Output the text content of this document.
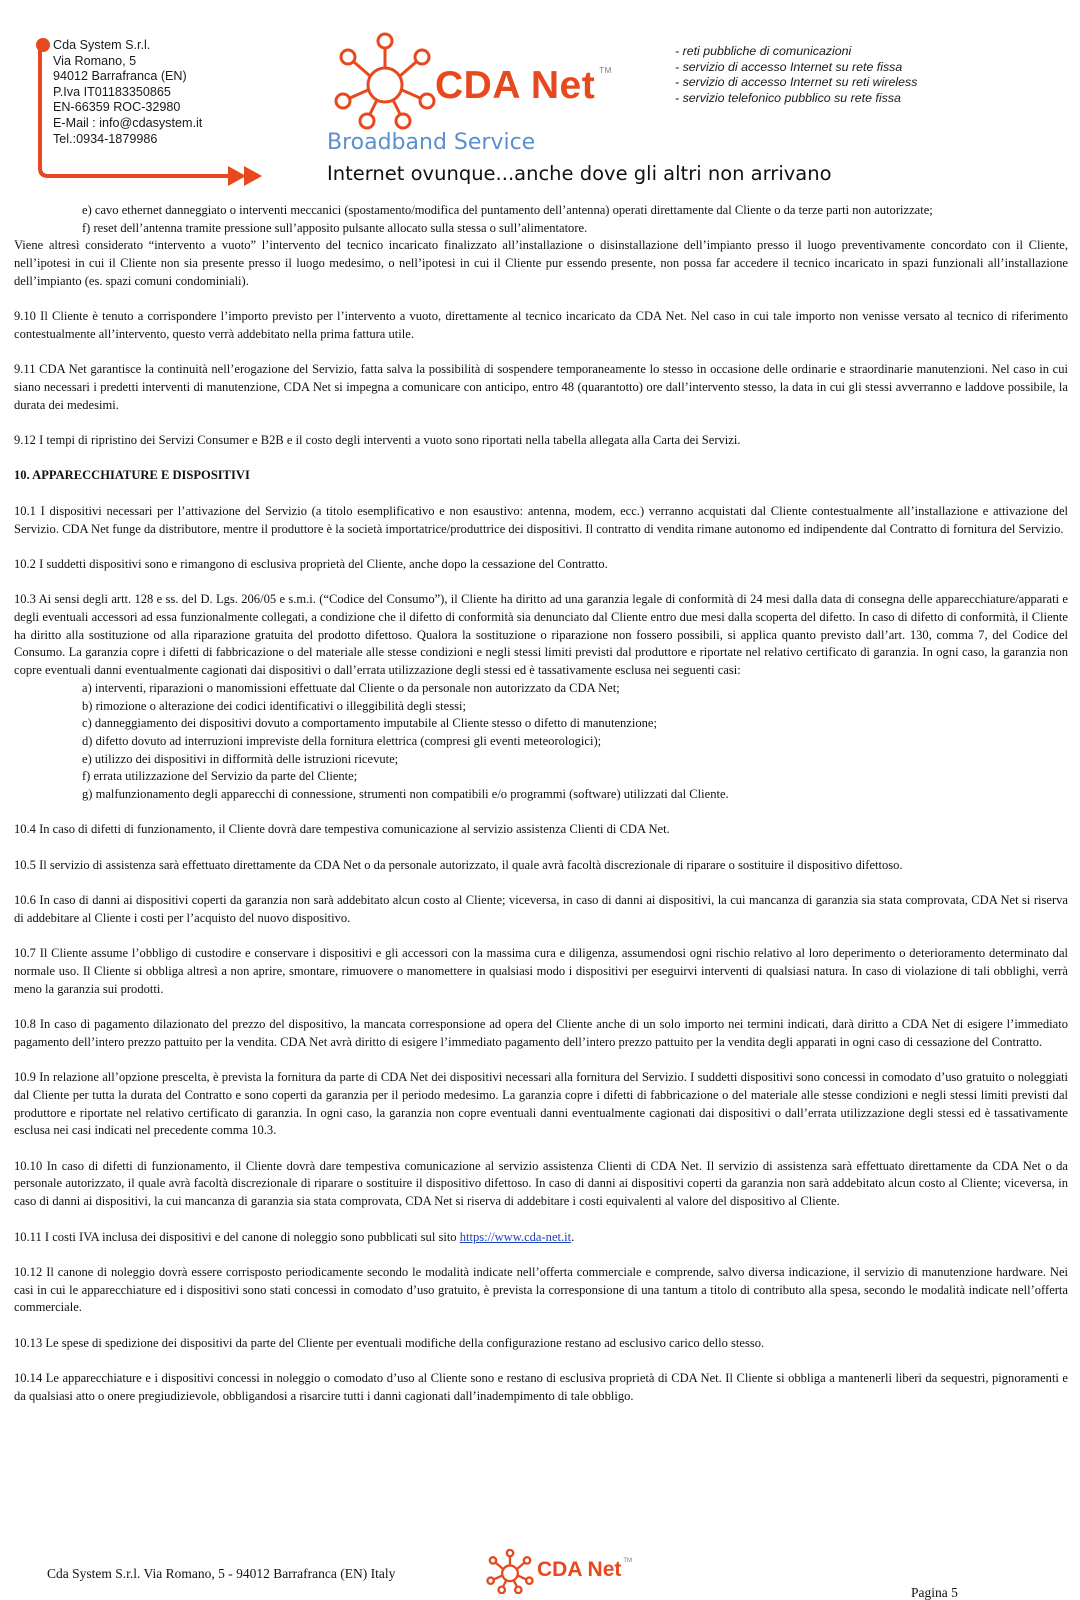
Cda System S.r.l.
Via Romano, 5
94012 Barrafranca (EN)
P.Iva IT01183350865
EN-66359 ROC-32980
E-Mail : info@cdasystem.it
Tel.:0934-1879986
CDA Net ™
Broadband Service
Internet ovunque...anche dove gli altri non arrivano
- reti pubbliche di comunicazioni
- servizio di accesso Internet su rete fissa
- servizio di accesso Internet su reti wireless
- servizio telefonico pubblico su rete fissa

e) cavo ethernet danneggiato o interventi meccanici (spostamento/modifica del puntamento dell’antenna) operati direttamente dal Cliente o da terze parti non autorizzate;

f) reset dell’antenna tramite pressione sull’apposito pulsante allocato sulla stessa o sull’alimentatore.

Viene altresì considerato “intervento a vuoto” l’intervento del tecnico incaricato finalizzato all’installazione o disinstallazione dell’impianto presso il luogo preventivamente concordato con il Cliente, nell’ipotesi in cui il Cliente non sia presente presso il luogo medesimo, o nell’ipotesi in cui il Cliente pur essendo presente, non possa far accedere il tecnico incaricato in spazi funzionali all’installazione dell’impianto (es. spazi comuni condominiali).

9.10 Il Cliente è tenuto a corrispondere l’importo previsto per l’intervento a vuoto, direttamente al tecnico incaricato da CDA Net. Nel caso in cui tale importo non venisse versato al tecnico di riferimento contestualmente all’intervento, questo verrà addebitato nella prima fattura utile.

9.11 CDA Net garantisce la continuità nell’erogazione del Servizio, fatta salva la possibilità di sospendere temporaneamente lo stesso in occasione delle ordinarie e straordinarie manutenzioni. Nel caso in cui siano necessari i predetti interventi di manutenzione, CDA Net si impegna a comunicare con anticipo, entro 48 (quarantotto) ore dall’intervento stesso, la data in cui gli stessi avverranno e laddove possibile, la durata dei medesimi.

9.12 I tempi di ripristino dei Servizi Consumer e B2B e il costo degli interventi a vuoto sono riportati nella tabella allegata alla Carta dei Servizi.

10. APPARECCHIATURE E DISPOSITIVI

10.1 I dispositivi necessari per l’attivazione del Servizio (a titolo esemplificativo e non esaustivo: antenna, modem, ecc.) verranno acquistati dal Cliente contestualmente all’installazione e attivazione del Servizio. CDA Net funge da distributore, mentre il produttore è la società importatrice/produttrice dei dispositivi. Il contratto di vendita rimane autonomo ed indipendente dal Contratto di fornitura del Servizio.

10.2 I suddetti dispositivi sono e rimangono di esclusiva proprietà del Cliente, anche dopo la cessazione del Contratto.

10.3 Ai sensi degli artt. 128 e ss. del D. Lgs. 206/05 e s.m.i. (“Codice del Consumo”), il Cliente ha diritto ad una garanzia legale di conformità di 24 mesi dalla data di consegna delle apparecchiature/apparati e degli eventuali accessori ad essa funzionalmente collegati, a condizione che il difetto di conformità sia denunciato dal Cliente entro due mesi dalla scoperta del difetto. In caso di difetto di conformità, il Cliente ha diritto alla sostituzione od alla riparazione gratuita del prodotto difettoso. Qualora la sostituzione o riparazione non fossero possibili, si applica quanto previsto dall’art. 130, comma 7, del Codice del Consumo. La garanzia copre i difetti di fabbricazione o del materiale alle stesse condizioni e negli stessi limiti previsti dal produttore e riportate nel relativo certificato di garanzia. In ogni caso, la garanzia non copre eventuali danni eventualmente cagionati dai dispositivi o dall’errata utilizzazione degli stessi ed è tassativamente esclusa nei seguenti casi:

a) interventi, riparazioni o manomissioni effettuate dal Cliente o da personale non autorizzato da CDA Net;
b) rimozione o alterazione dei codici identificativi o illeggibilità degli stessi;
c) danneggiamento dei dispositivi dovuto a comportamento imputabile al Cliente stesso o difetto di manutenzione;
d) difetto dovuto ad interruzioni impreviste della fornitura elettrica (compresi gli eventi meteorologici);
e) utilizzo dei dispositivi in difformità delle istruzioni ricevute;
f) errata utilizzazione del Servizio da parte del Cliente;
g) malfunzionamento degli apparecchi di connessione, strumenti non compatibili e/o programmi (software) utilizzati dal Cliente.

10.4 In caso di difetti di funzionamento, il Cliente dovrà dare tempestiva comunicazione al servizio assistenza Clienti di CDA Net.

10.5 Il servizio di assistenza sarà effettuato direttamente da CDA Net o da personale autorizzato, il quale avrà facoltà discrezionale di riparare o sostituire il dispositivo difettoso.

10.6 In caso di danni ai dispositivi coperti da garanzia non sarà addebitato alcun costo al Cliente; viceversa, in caso di danni ai dispositivi, la cui mancanza di garanzia sia stata comprovata, CDA Net si riserva di addebitare al Cliente i costi per l’acquisto del nuovo dispositivo.

10.7 Il Cliente assume l’obbligo di custodire e conservare i dispositivi e gli accessori con la massima cura e diligenza, assumendosi ogni rischio relativo al loro deperimento o deterioramento determinato dal normale uso. Il Cliente si obbliga altresì a non aprire, smontare, rimuovere o manomettere in qualsiasi modo i dispositivi per eseguirvi interventi di qualsiasi natura. In caso di violazione di tali obblighi, verrà meno la garanzia sui prodotti.

10.8 In caso di pagamento dilazionato del prezzo del dispositivo, la mancata corresponsione ad opera del Cliente anche di un solo importo nei termini indicati, darà diritto a CDA Net di esigere l’immediato pagamento dell’intero prezzo pattuito per la vendita. CDA Net avrà diritto di esigere l’immediato pagamento dell’intero prezzo pattuito per la vendita degli apparati in ogni caso di cessazione del Contratto.

10.9 In relazione all’opzione prescelta, è prevista la fornitura da parte di CDA Net dei dispositivi necessari alla fornitura del Servizio. I suddetti dispositivi sono concessi in comodato d’uso gratuito o noleggiati dal Cliente per tutta la durata del Contratto e sono coperti da garanzia per il periodo medesimo. La garanzia copre i difetti di fabbricazione o del materiale alle stesse condizioni e negli stessi limiti previsti dal produttore e riportate nel relativo certificato di garanzia. In ogni caso, la garanzia non copre eventuali danni eventualmente cagionati dai dispositivi o dall’errata utilizzazione degli stessi ed è tassativamente esclusa nei casi indicati nel precedente comma 10.3.

10.10 In caso di difetti di funzionamento, il Cliente dovrà dare tempestiva comunicazione al servizio assistenza Clienti di CDA Net. Il servizio di assistenza sarà effettuato direttamente da CDA Net o da personale autorizzato, il quale avrà facoltà discrezionale di riparare o sostituire il dispositivo difettoso. In caso di danni ai dispositivi coperti da garanzia non sarà addebitato alcun costo al Cliente; viceversa, in caso di danni ai dispositivi, la cui mancanza di garanzia sia stata comprovata, CDA Net si riserva di addebitare i costi equivalenti al valore del dispositivo al Cliente.

10.11 I costi IVA inclusa dei dispositivi e del canone di noleggio sono pubblicati sul sito https://www.cda-net.it.

10.12 Il canone di noleggio dovrà essere corrisposto periodicamente secondo le modalità indicate nell’offerta commerciale e comprende, salvo diversa indicazione, il servizio di manutenzione hardware. Nei casi in cui le apparecchiature ed i dispositivi sono stati concessi in comodato d’uso gratuito, è prevista la corresponsione di una tantum a titolo di contributo alla spesa, secondo le modalità indicate nell’offerta commerciale.

10.13 Le spese di spedizione dei dispositivi da parte del Cliente per eventuali modifiche della configurazione restano ad esclusivo carico dello stesso.

10.14 Le apparecchiature e i dispositivi concessi in noleggio o comodato d’uso al Cliente sono e restano di esclusiva proprietà di CDA Net. Il Cliente si obbliga a mantenerli liberi da sequestri, pignoramenti e da qualsiasi atto o onere pregiudizievole, obbligandosi a risarcire tutti i danni cagionati dall’inadempimento di tale obbligo.

Cda System S.r.l. Via Romano, 5 - 94012 Barrafranca (EN) Italy	CDA Net ™
Pagina 5
